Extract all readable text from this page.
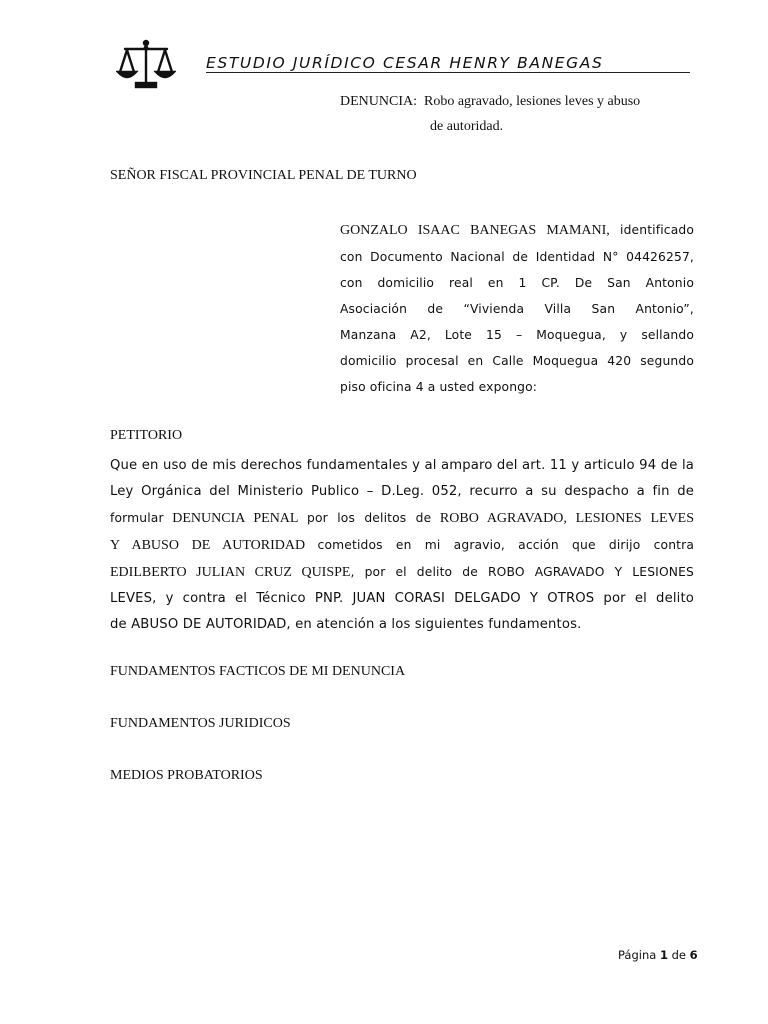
ESTUDIO JURÍDICO CESAR HENRY BANEGAS
DENUNCIA: Robo agravado, lesiones leves y abuso
de autoridad.
SEÑOR FISCAL PROVINCIAL PENAL DE TURNO
GONZALO ISAAC BANEGAS MAMANI, identificado
con Documento Nacional de Identidad N° 04426257,
con domicilio real en 1 CP. De San Antonio
Asociación de “Vivienda Villa San Antonio”,
Manzana A2, Lote 15 – Moquegua, y sellando
domicilio procesal en Calle Moquegua 420 segundo
piso oficina 4 a usted expongo:
PETITORIO
Que en uso de mis derechos fundamentales y al amparo del art. 11 y articulo 94 de la
Ley Orgánica del Ministerio Publico – D.Leg. 052, recurro a su despacho a fin de
formular DENUNCIA PENAL por los delitos de ROBO AGRAVADO, LESIONES LEVES
Y ABUSO DE AUTORIDAD cometidos en mi agravio, acción que dirijo contra
EDILBERTO JULIAN CRUZ QUISPE, por el delito de ROBO AGRAVADO Y LESIONES
LEVES, y contra el Técnico PNP. JUAN CORASI DELGADO Y OTROS por el delito
de ABUSO DE AUTORIDAD, en atención a los siguientes fundamentos.
FUNDAMENTOS FACTICOS DE MI DENUNCIA
FUNDAMENTOS JURIDICOS
MEDIOS PROBATORIOS
Página 1 de 6
